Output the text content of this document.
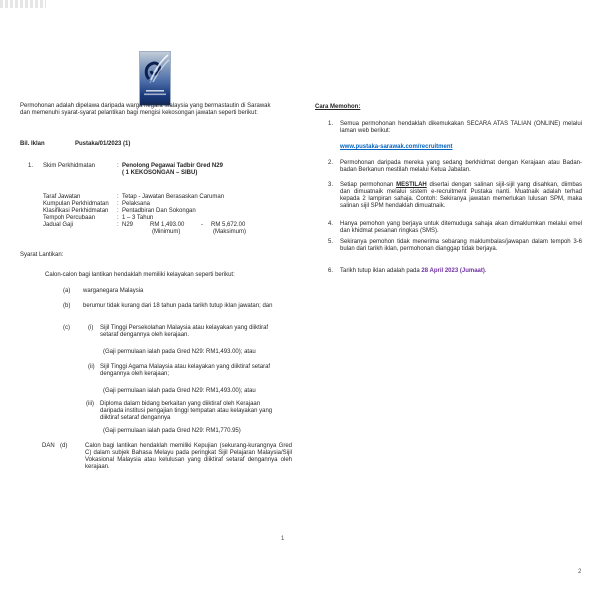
Permohonan adalah dipelawa daripada warga negara Malaysia yang bermastautin di Sarawak dan memenuhi syarat-syarat pelantikan bagi mengisi kekosongan jawatan seperti berikut:
Bil. Iklan	Pustaka/01/2023 (1)
1. Skim Perkhidmatan	: Penolong Pegawai Tadbir Gred N29
( 1 KEKOSONGAN – SIBU)
Taraf Jawatan	: Tetap - Jawatan Berasaskan Caruman
Kumpulan Perkhidmatan : Pelaksana
Klasifikasi Perkhidmatan : Pentadbiran Dan Sokongan
Tempoh Percubaan	: 1 – 3 Tahun
Jadual Gaji	: N29	RM 1,493.00	- RM 5,672.00
(Minimum)	(Maksimum)
Syarat Lantikan:
Calon-calon bagi lantikan hendaklah memiliki kelayakan seperti berikut:
(a) warganegara Malaysia
(b) berumur tidak kurang dari 18 tahun pada tarikh tutup iklan jawatan; dan
(c)	(i) Sijil Tinggi Persekolahan Malaysia atau kelayakan yang diiktiraf setaraf dengannya oleh kerajaan.
(Gaji permulaan ialah pada Gred N29: RM1,493.00); atau
(ii) Sijil Tinggi Agama Malaysia atau kelayakan yang diiktiraf setaraf dengannya oleh kerajaan;
(Gaji permulaan ialah pada Gred N29: RM1,493.00); atau
(iii) Diploma dalam bidang berkaitan yang diiktiraf oleh Kerajaan daripada institusi pengajian tinggi tempatan atau kelayakan yang diiktiraf setaraf dengannya
(Gaji permulaan ialah pada Gred N29: RM1,770.95)
DAN (d)	Calon bagi lantikan hendaklah memiliki Kepujian (sekurang-kurangnya Gred C) dalam subjek Bahasa Melayu pada peringkat Sijil Pelajaran Malaysia/Sijil Vokasional Malaysia atau kelulusan yang diiktiraf setaraf dengannya oleh kerajaan.
1
Cara Memohon:
1. Semua permohonan hendaklah dikemukakan SECARA ATAS TALIAN (ONLINE) melalui laman web berikut:
www.pustaka-sarawak.com/recruitment
2. Permohonan daripada mereka yang sedang berkhidmat dengan Kerajaan atau Badan-badan Berkanun mestilah melalui Ketua Jabatan.
3. Setiap permohonan MESTILAH disertai dengan salinan sijil-sijil yang disahkan, diimbas dan dimuatnaik melalui sistem e-recruitment Pustaka nanti. Muatnaik adalah terhad kepada 2 lampiran sahaja. Contoh: Sekiranya jawatan memerlukan lulusan SPM, maka salinan sijil SPM hendaklah dimuatnaik.
4. Hanya pemohon yang berjaya untuk ditemuduga sahaja akan dimaklumkan melalui emel dan khidmat pesanan ringkas (SMS).
5. Sekiranya pemohon tidak menerima sebarang maklumbalas/jawapan dalam tempoh 3-6 bulan dari tarikh iklan, permohonan dianggap tidak berjaya.
6. Tarikh tutup iklan adalah pada 28 April 2023 (Jumaat).
2
